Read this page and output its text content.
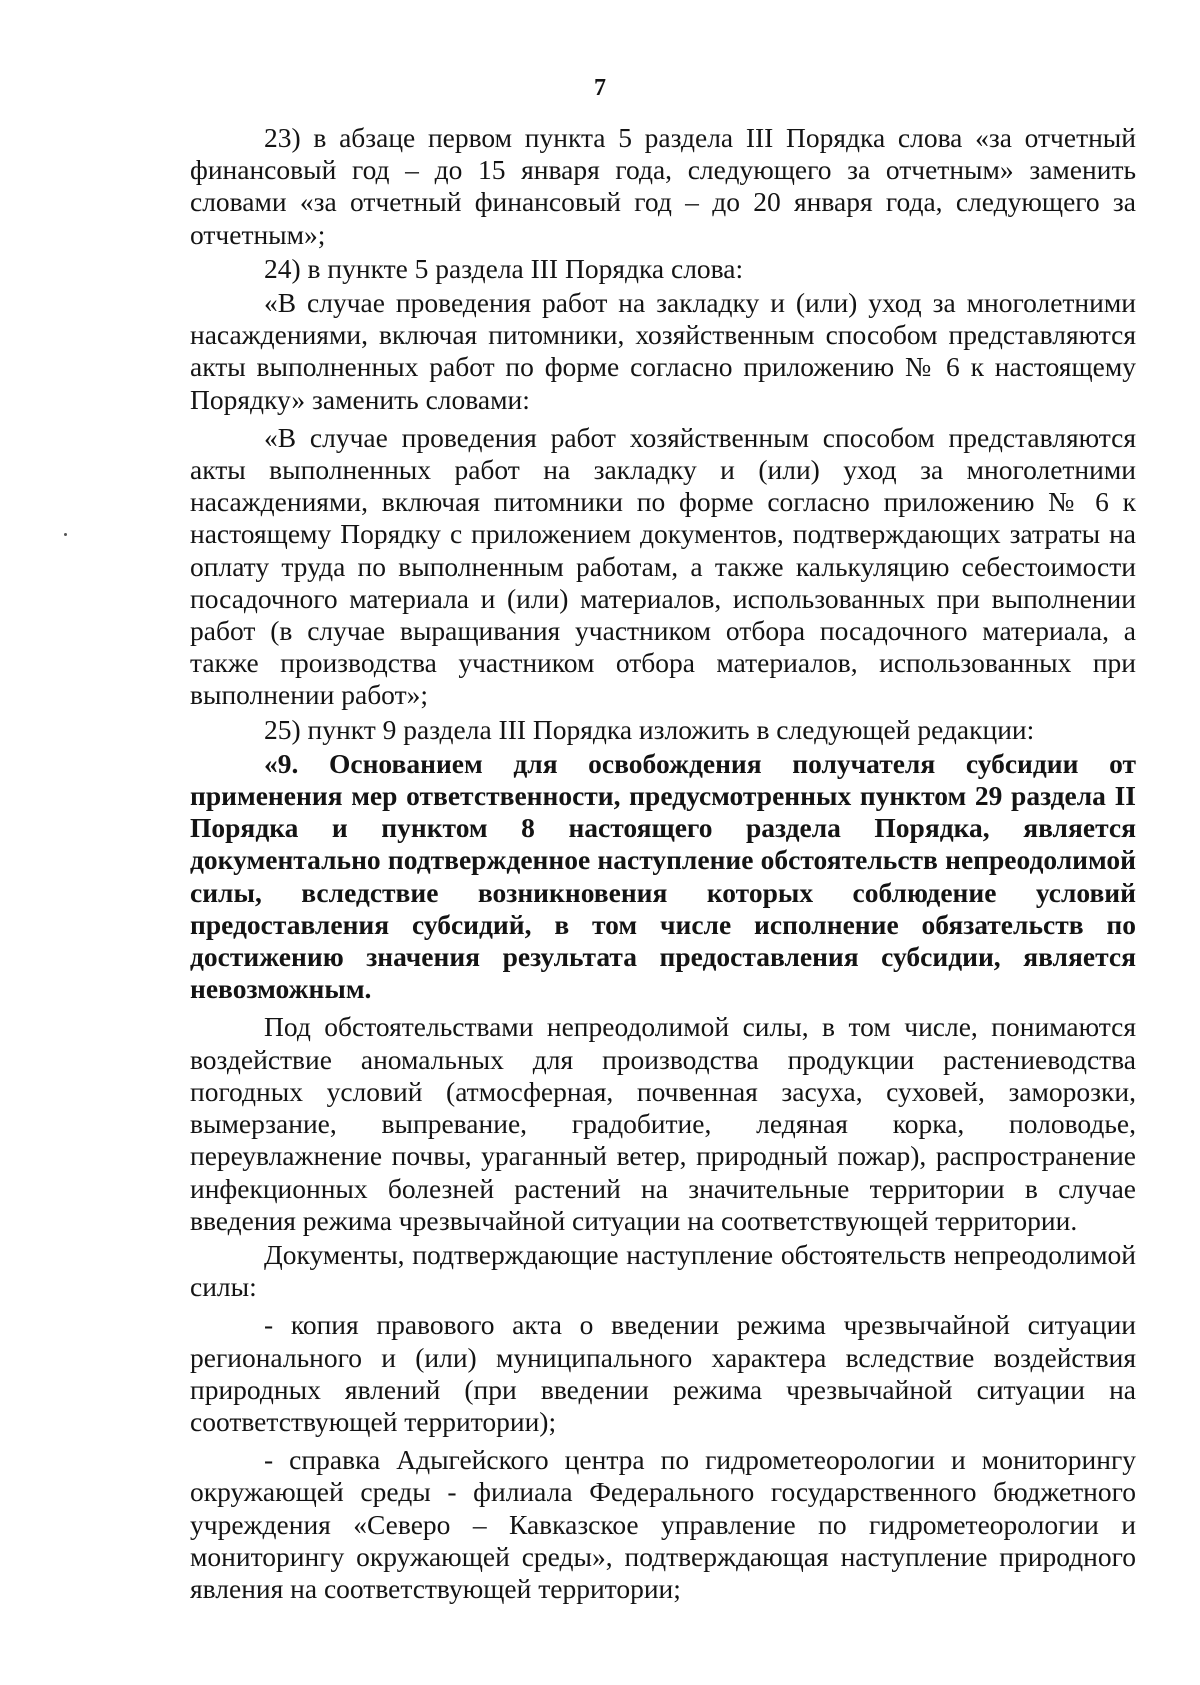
7

23) в абзаце первом пункта 5 раздела III Порядка слова «за отчетный финансовый год – до 15 января года, следующего за отчетным» заменить словами «за отчетный финансовый год – до 20 января года, следующего за отчетным»;

24) в пункте 5 раздела III Порядка слова:

«В случае проведения работ на закладку и (или) уход за многолетними насаждениями, включая питомники, хозяйственным способом представляются акты выполненных работ по форме согласно приложению № 6 к настоящему Порядку» заменить словами:

«В случае проведения работ хозяйственным способом представляются акты выполненных работ на закладку и (или) уход за многолетними насаждениями, включая питомники по форме согласно приложению № 6 к настоящему Порядку с приложением документов, подтверждающих затраты на оплату труда по выполненным работам, а также калькуляцию себестоимости посадочного материала и (или) материалов, использованных при выполнении работ (в случае выращивания участником отбора посадочного материала, а также производства участником отбора материалов, использованных при выполнении работ»;

25) пункт 9 раздела III Порядка изложить в следующей редакции:

«9. Основанием для освобождения получателя субсидии от применения мер ответственности, предусмотренных пунктом 29 раздела II Порядка и пунктом 8 настоящего раздела Порядка, является документально подтвержденное наступление обстоятельств непреодолимой силы, вследствие возникновения которых соблюдение условий предоставления субсидий, в том числе исполнение обязательств по достижению значения результата предоставления субсидии, является невозможным.

Под обстоятельствами непреодолимой силы, в том числе, понимаются воздействие аномальных для производства продукции растениеводства погодных условий (атмосферная, почвенная засуха, суховей, заморозки, вымерзание, выпревание, градобитие, ледяная корка, половодье, переувлажнение почвы, ураганный ветер, природный пожар), распространение инфекционных болезней растений на значительные территории в случае введения режима чрезвычайной ситуации на соответствующей территории.

Документы, подтверждающие наступление обстоятельств непреодолимой силы:

- копия правового акта о введении режима чрезвычайной ситуации регионального и (или) муниципального характера вследствие воздействия природных явлений (при введении режима чрезвычайной ситуации на соответствующей территории);

- справка Адыгейского центра по гидрометеорологии и мониторингу окружающей среды - филиала Федерального государственного бюджетного учреждения «Северо – Кавказское управление по гидрометеорологии и мониторингу окружающей среды», подтверждающая наступление природного явления на соответствующей территории;
